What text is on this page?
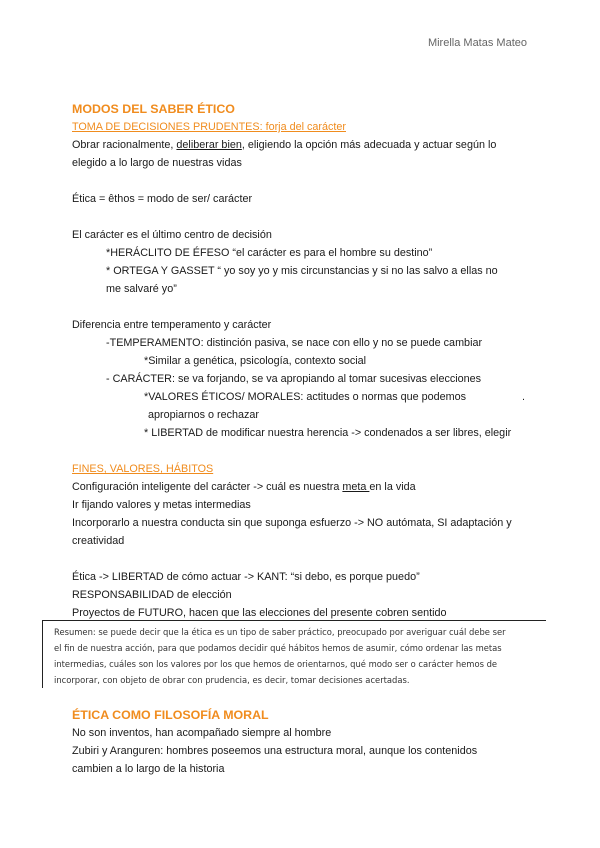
Mirella Matas Mateo
MODOS DEL SABER ÉTICO
TOMA DE DECISIONES PRUDENTES: forja del carácter
Obrar racionalmente, deliberar bien, eligiendo la opción más adecuada y actuar según lo
elegido a lo largo de nuestras vidas
Ética = êthos = modo de ser/ carácter
El carácter es el último centro de decisión
*HERÁCLITO DE ÉFESO “el carácter es para el hombre su destino”
* ORTEGA Y GASSET “ yo soy yo y mis circunstancias y si no las salvo a ellas no
me salvaré yo”
Diferencia entre temperamento y carácter
-TEMPERAMENTO: distinción pasiva, se nace con ello y no se puede cambiar
*Similar a genética, psicología, contexto social
- CARÁCTER: se va forjando, se va apropiando al tomar sucesivas elecciones
*VALORES ÉTICOS/ MORALES: actitudes o normas que podemos	.
apropiarnos o rechazar
* LIBERTAD de modificar nuestra herencia -> condenados a ser libres, elegir
FINES, VALORES, HÁBITOS
Configuración inteligente del carácter -> cuál es nuestra meta en la vida
Ir fijando valores y metas intermedias
Incorporarlo a nuestra conducta sin que suponga esfuerzo -> NO autómata, SI adaptación y
creatividad
Ética -> LIBERTAD de cómo actuar -> KANT: “si debo, es porque puedo”
RESPONSABILIDAD de elección
Proyectos de FUTURO, hacen que las elecciones del presente cobren sentido
Resumen: se puede decir que la ética es un tipo de saber práctico, preocupado por averiguar cuál debe ser
el fin de nuestra acción, para que podamos decidir qué hábitos hemos de asumir, cómo ordenar las metas
intermedias, cuáles son los valores por los que hemos de orientarnos, qué modo ser o carácter hemos de
incorporar, con objeto de obrar con prudencia, es decir, tomar decisiones acertadas.
ÉTICA COMO FILOSOFÍA MORAL
No son inventos, han acompañado siempre al hombre
Zubiri y Aranguren: hombres poseemos una estructura moral, aunque los contenidos
cambien a lo largo de la historia
